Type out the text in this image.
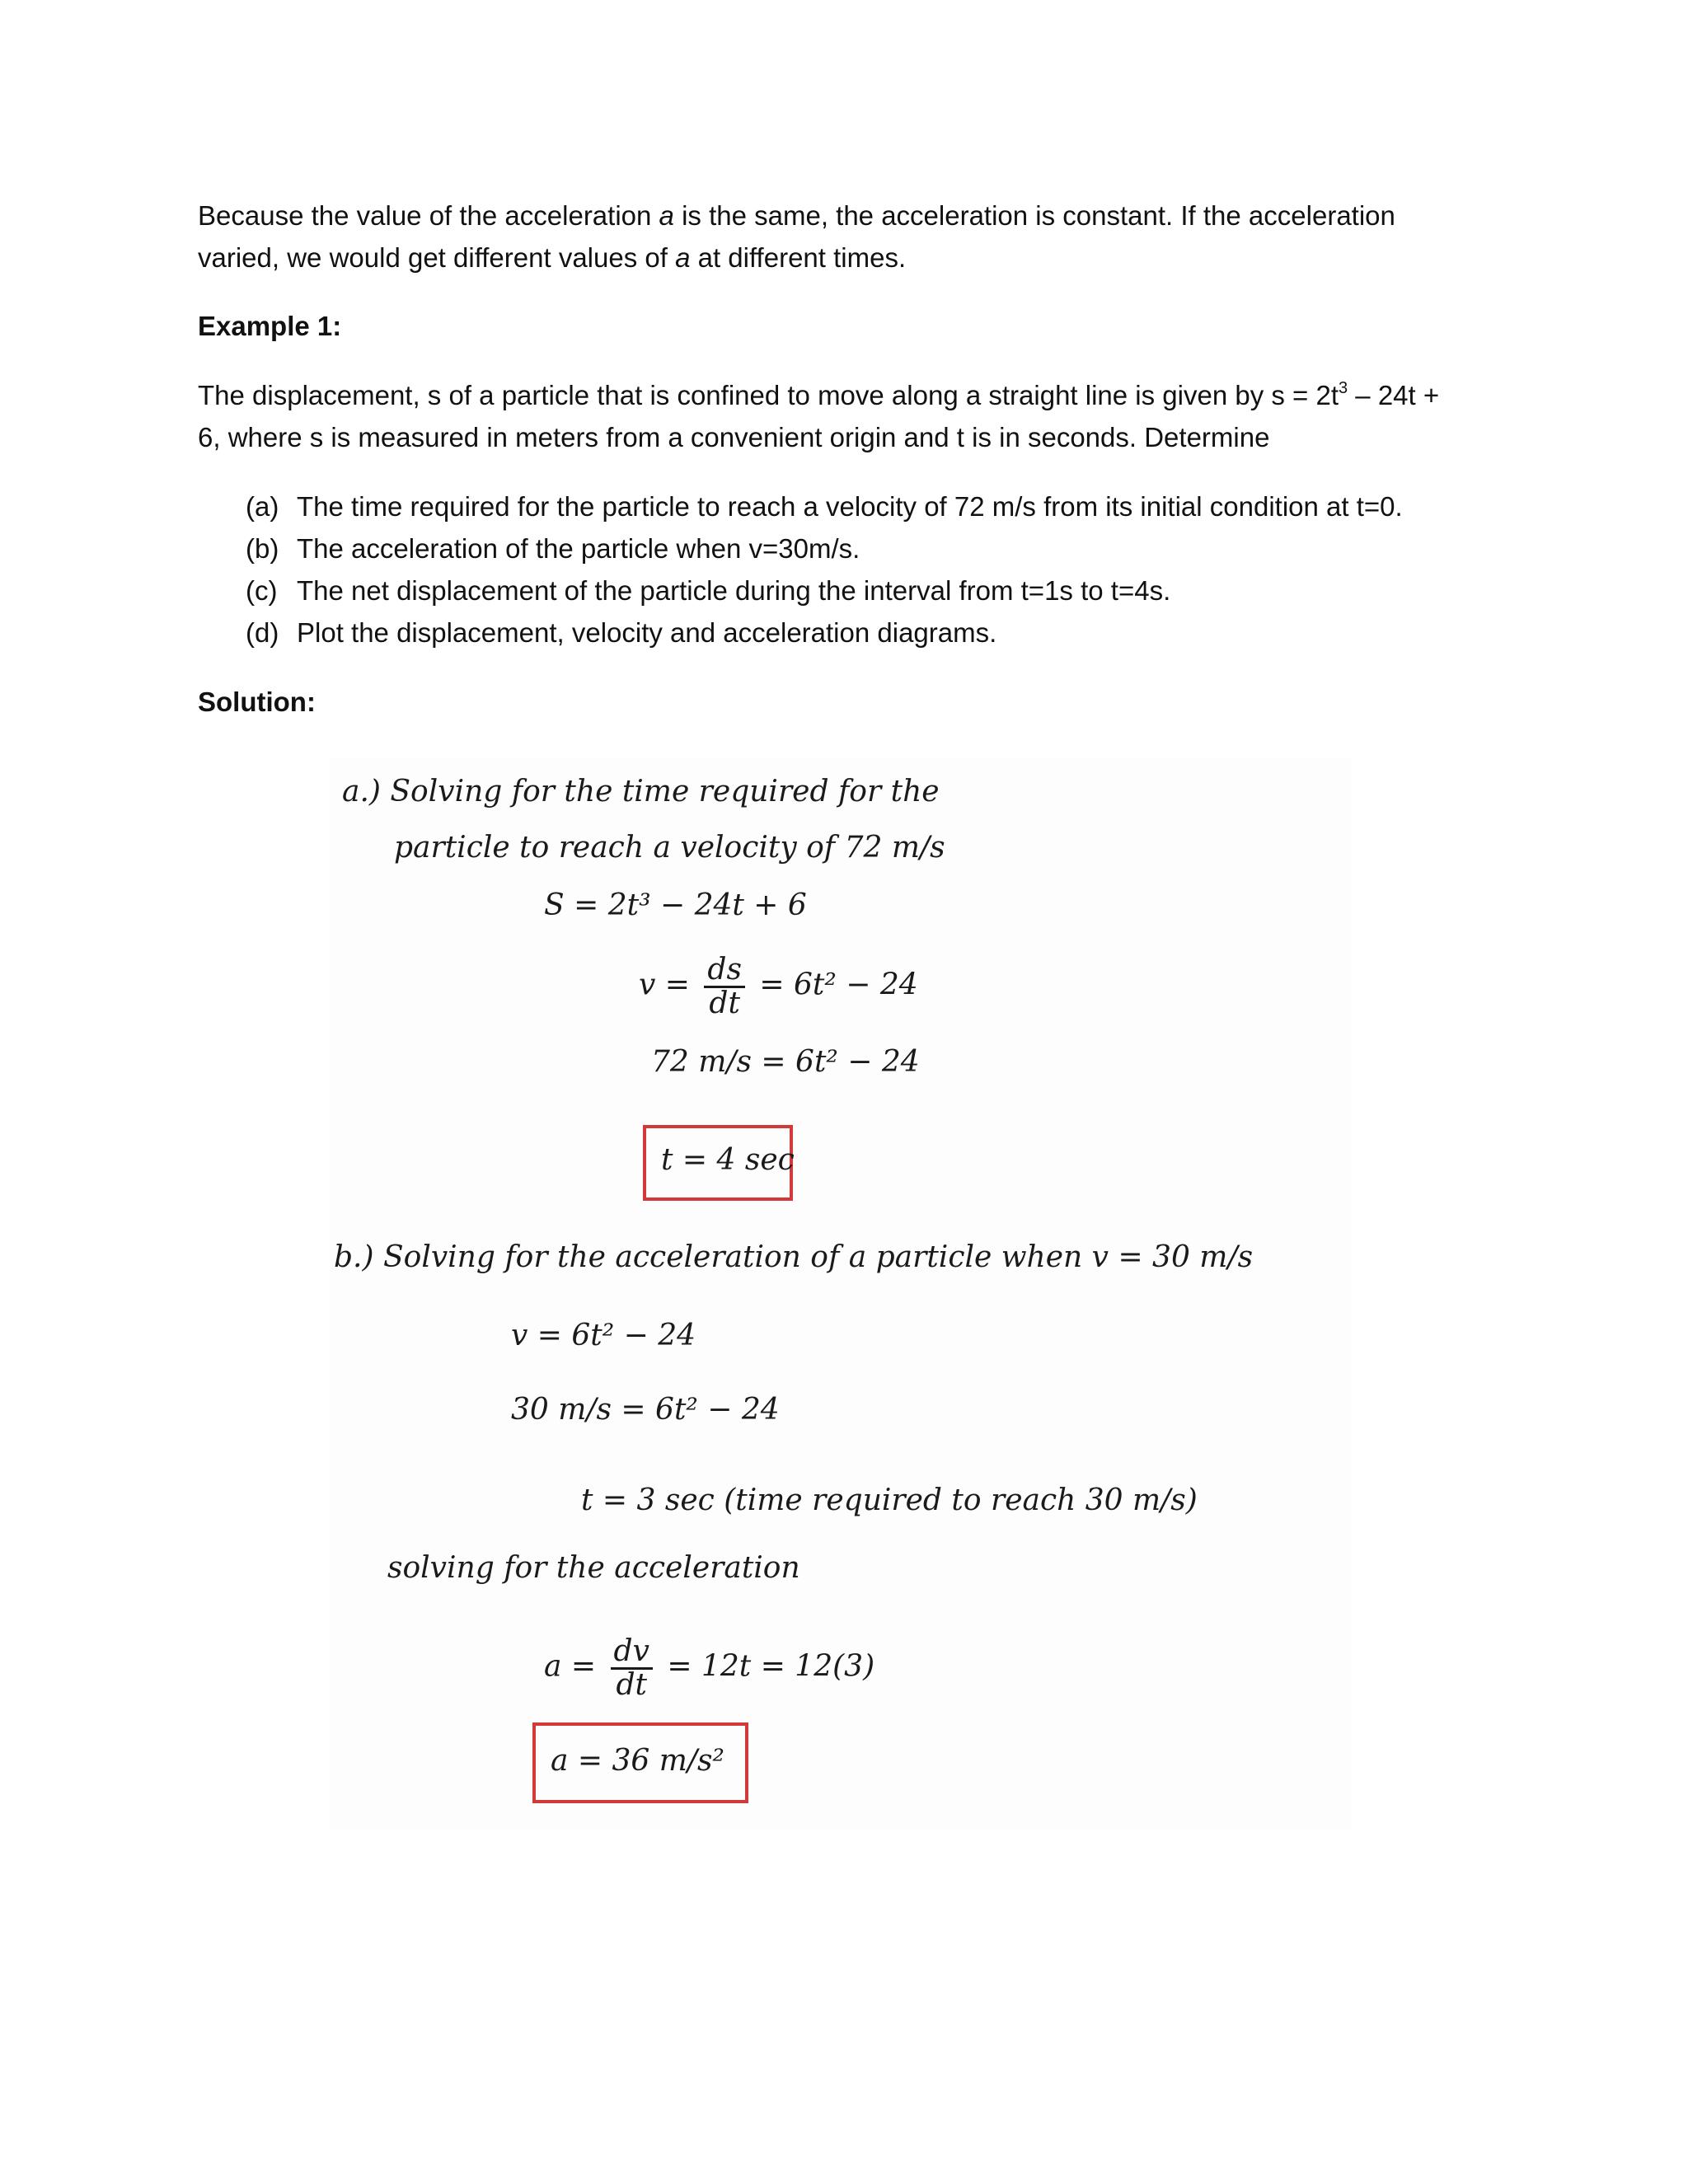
Because the value of the acceleration a is the same, the acceleration is constant. If the acceleration
varied, we would get different values of a at different times.
Example 1:
The displacement, s of a particle that is confined to move along a straight line is given by $s = 2t^3 - 24t$ +
6, where s is measured in meters from a convenient origin and t is in seconds. Determine
(a) The time required for the particle to reach a velocity of 72 m/s from its initial condition at t=0.
(b) The acceleration of the particle when v=30m/s.
(c) The net displacement of the particle during the interval from t=1s to t=4s.
(d) Plot the displacement, velocity and acceleration diagrams.
Solution:
a.) Solving for the time required for the
particle to reach a velocity of 72 m/s
S = 2t³ − 24t + 6
$v = \frac{ds}{dt} = 6t^2 - 24$
72 m/s = 6t² − 24
t = 4 sec
b.) Solving for the acceleration of a particle when v = 30 m/s
v = 6t² − 24
30 m/s = 6t² − 24
t = 3 sec (time required to reach 30 m/s)
solving for the acceleration
$a = \frac{dv}{dt} = 12t = 12(3)$
a = 36 m/s²
